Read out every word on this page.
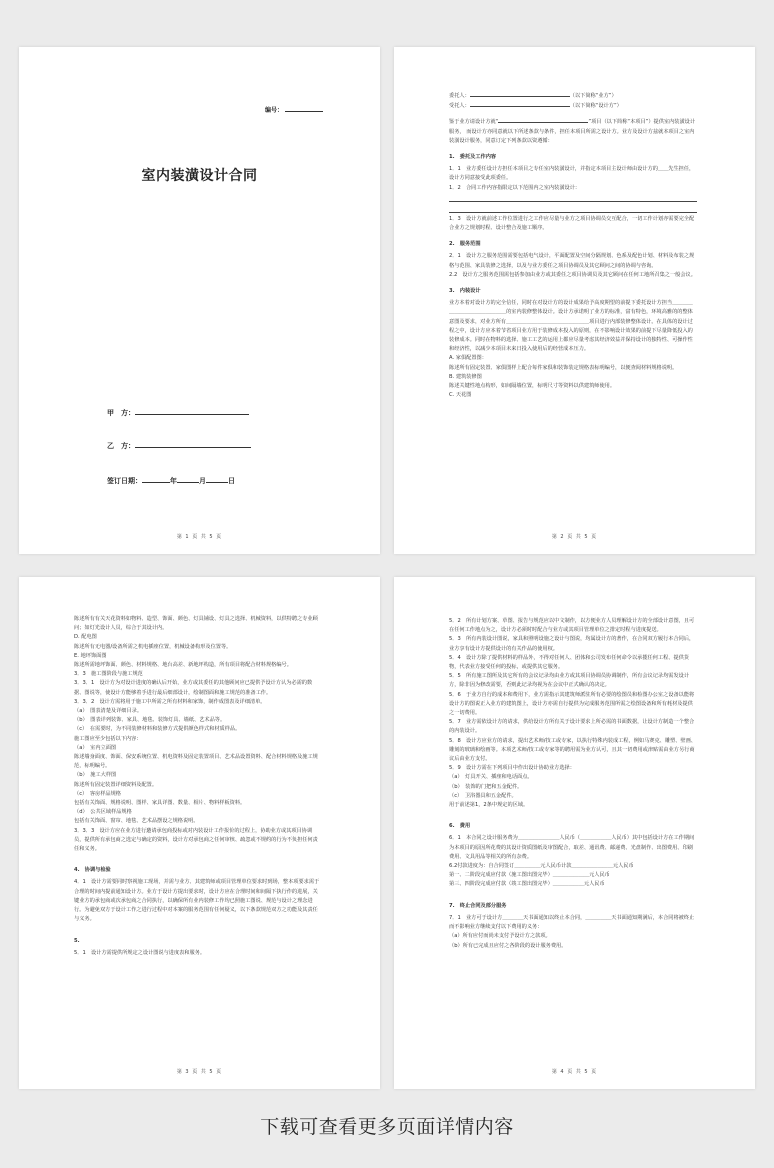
编号：
室内装潢设计合同
甲　方：
乙　方：
签订日期：	年	月	日
第 1 页 共 5 页

委托人：	（以下简称“业方”）

受托人：	（以下简称“设计方”）

鉴于业方请设计方就“	”项目（以下简称“本项目”）提供室内装潢设计服务， 而设计方亦同意就以下所述条款与条件，担任本项目所需之设计方。业方及设计方兹就本项目之室内装潢设计服务，同意订定下列条款以资遵循：

1.　委托及工作内容

1．1　业方委任设计方担任本项目之专任室内装潢设计，并指定本项目主设计师由设计方的＿＿先生担任，设计方同意接受此项委任。

1．2　合同工作内容指限定以下范围内之室内装潢设计：

1．3　设计方就前述工作位置进行之工作应尽量与业方之项目协调员交互配合，一切工作计划亦需要完全配合业方之规划时程、设计整合及施工顺序。

2.　服务范围

2．1　设计方之服务范围需要包括电气设计，平面配置及空间分隔规划、色系及配色计划、材料及布装之规格与范围、家具装修之选择，以及与业方委任之项目协调员及其它顾问之间的协调与咨询。

2.2　设计方之服务范围需包括参加由业方或其委任之项目协调员及其它顾问在任何工地所召集之一般会议。

3.　内装设计

业方本着对设计方的完全信任，同时在对设计方的设计成果给予高度期望的前提下委托设计方担当＿＿＿＿＿＿＿＿＿＿＿＿＿＿＿的室内装修整体设计。设计方承诺明了业方的标准，富有特色，环境高雅的的整体意图及要求，对业方所有＿＿＿＿＿＿＿＿＿＿＿＿＿＿＿＿项目进行内部装修整体设计。在具体的设计过程之中，设计方应本着节省项目业方用于装修成本投入的原则，在不影响设计效果的前提下尽量降低投入的装修成本。同时在物料的选择、施工工艺的运用上都应尽量考虑其经济效益并保持设计的独特性、可操作性和经济性，以减少本项目未来日投入使用后的经营成本压力。

A. 家俱配置图：

陈述所有固定装置、家俱图样上配合每件家俱和装饰装定规格表标明编号，以便查阅材料规格说明。

B. 建筑装修图

陈述关键性地点构形，如间隔墙位置，标明尺寸等资料以供建筑师使用。

C. 天花图

第 2 页 共 5 页

陈述所有有关天花资料如物料、造型、饰面、颜色、灯具铺设、灯具之选择、机械资料，以供特聘之专业顾问；如灯光设计人员，综合于其设计内。

D. 配电图

陈述所有无电器/设备所需之机电插座位置，机械设备构形及位置等。

E. 地坪饰面图

陈述所需地坪饰面、颜色、材料规格、地台高差、新地坪构造，所有项目将配合材料规格编号。

3．3　施工图阶段与施工规范

3．3．1　设计方为对设计进度的确认后开始，业方或其委任的其他顾问应已提供予设计方认为必需的数据、图说等，使设计方能够着手进行最后细部设计，绘制图面和施工规范的准备工作。

3．3．2　设计方需将用于施工中所需之所有材料和家饰，制作成图表及详细清单。

（a）　图表清楚及详细目录。

（b）　图表详列装饰、家具、地毯、装饰灯具、墙纸、艺术品等。

（c）　在需要时，为不同装修材料和装修方式提供颜色样式和材质样品。

施工图应至少包括以下内容：

（a）　室内立面图

陈述墙身面度、饰面、保安系统位置、机电资料及固定装置项目、艺术品设置资料、配合材料规格及施工规范，标明编号。

（b）　施工大样图

陈述所有固定装置详细资料及配置。

（c）　客房样品规格

包括有关饰面、规格说明、图样、家具详图、数量、相片、物料样板资料。

（d）　公共区域样品规格

包括有关饰面、窗帘、地毯、艺术品摆设之规格说明。

3．3．3　设计方应在业方进行邀请承包商投标或对内装设计工作报价的过程上，协助业方或其项目协调员，提供所有承包商之选定与确定的资料，设计方对承包商之任何审核、疏忽或不规约的行为不负担任何责任和义务。

4.　协调与检验

4．1　设计方需要同时察视施工现场，并需与业方、其建筑师或项目管理单位要求时到场，整本项要求需于合理的时间内提前通知设计方。业方于设计方提出要求时，设计方应在合理时间和间隔下执行作的进展，关键业方的承包商或次承包商之合同执行，以确保所有业内装修工作均已照施工图说、规范与设计之理念进行。为避免双方于设计工作之进行过程中对本案的服务范围有任何疑义，以下条款规范双方之功能及其责任与义务。

5.

5．1　设计方需提供所规定之设计图说与进度表和服务。

第 3 页 共 5 页

5．2　所有计划方案、草图、报告与规范应以中文制作，以方便业方人员理解设计方的全部设计意图，且可在任何工作地点为之，设计方必须时时配合与业方或其项目管理单位之排定时程与进度提送。

5．3　所有内装设计图说，家具和照明设施之设计与图说，均属设计方的著作，在合同双方履行本合同后，业方享有设计方提供设计的有关作品的使用权。

5．4　设计方除了提供材料的样品外，不得对任何人、团体和公司发布任何命令以承揽任何工程、提供货物，代表业方接受任何的投标，或提供其它服务。

5．5　所有施工图所及其它所有的会议记录均由业方或其项目协调员协调制作，所有会议记录均需发设计方，除非因为修改需要，否则此记录均视为在会议中正式确认的决定。

5．6　于业方自行的成本和费用下，业方需指示其建筑师派驻所有必要的绘图员和检图办公室之设备以能将设计方的图说正入业方的建筑图上，设计方亦需自行提供为完成服务范围所需之绘图设备和所有耗材及提供之一切费用。

5．7　业方需依设计方的请求，供给设计方所有关于设计要求上所必需的书面数据，让设计方制造一个整合的内装设计。

5．8　设计方应业方的请求，提出艺术师/技工或专家，以执行特殊内装成工程，例如马赛克、雕塑、壁画、雕刻的玻璃和绘画等。本项艺术师/技工或专家等的聘用需为业方认可，且其一切费用或津贴需由业方另行商议后由业方支付。

5．9　设计方需在下列项目中作出设计协助业方选择：

（a）　灯具开关、插座和电话面点。

（b）　装饰的门把和五金配件。

（c）　卫浴器具和五金配件。

用于前述第1，2条中规定的区域。

6.　费用

6．1　本合同之设计服务费为＿＿＿＿＿＿＿＿人民币（＿＿＿＿＿＿人民币）其中包括设计方在工作期间为本项目的原因所花费的其设计资质图纸及审图配合，取差、通讯费、邮递费、光盘制作、出图费用、印刷费用、文具用品等相关的所有杂费。

6.2付款进度为：自合同签订＿＿＿＿＿元人民币计款＿＿＿＿＿＿＿＿元人民币

第一、二阶段完成应付款（施工图出图完毕）＿＿＿＿＿＿＿元人民币

第三、四阶段完成应付款（竣工图出图完毕）＿＿＿＿＿＿元人民币

7.　终止合同及部分服务

7．1　业方可于设计方＿＿＿＿天书面通知以终止本合同，＿＿＿＿＿天书面通知期满后，本合同将被终止而不影响业方继续支付以下费用的义务：

（a）所有应付而尚未支付予设计方之款项。

（b）所有已完成且应付之各阶段的设计服务费用。

第 4 页 共 5 页
下载可查看更多页面详情内容
